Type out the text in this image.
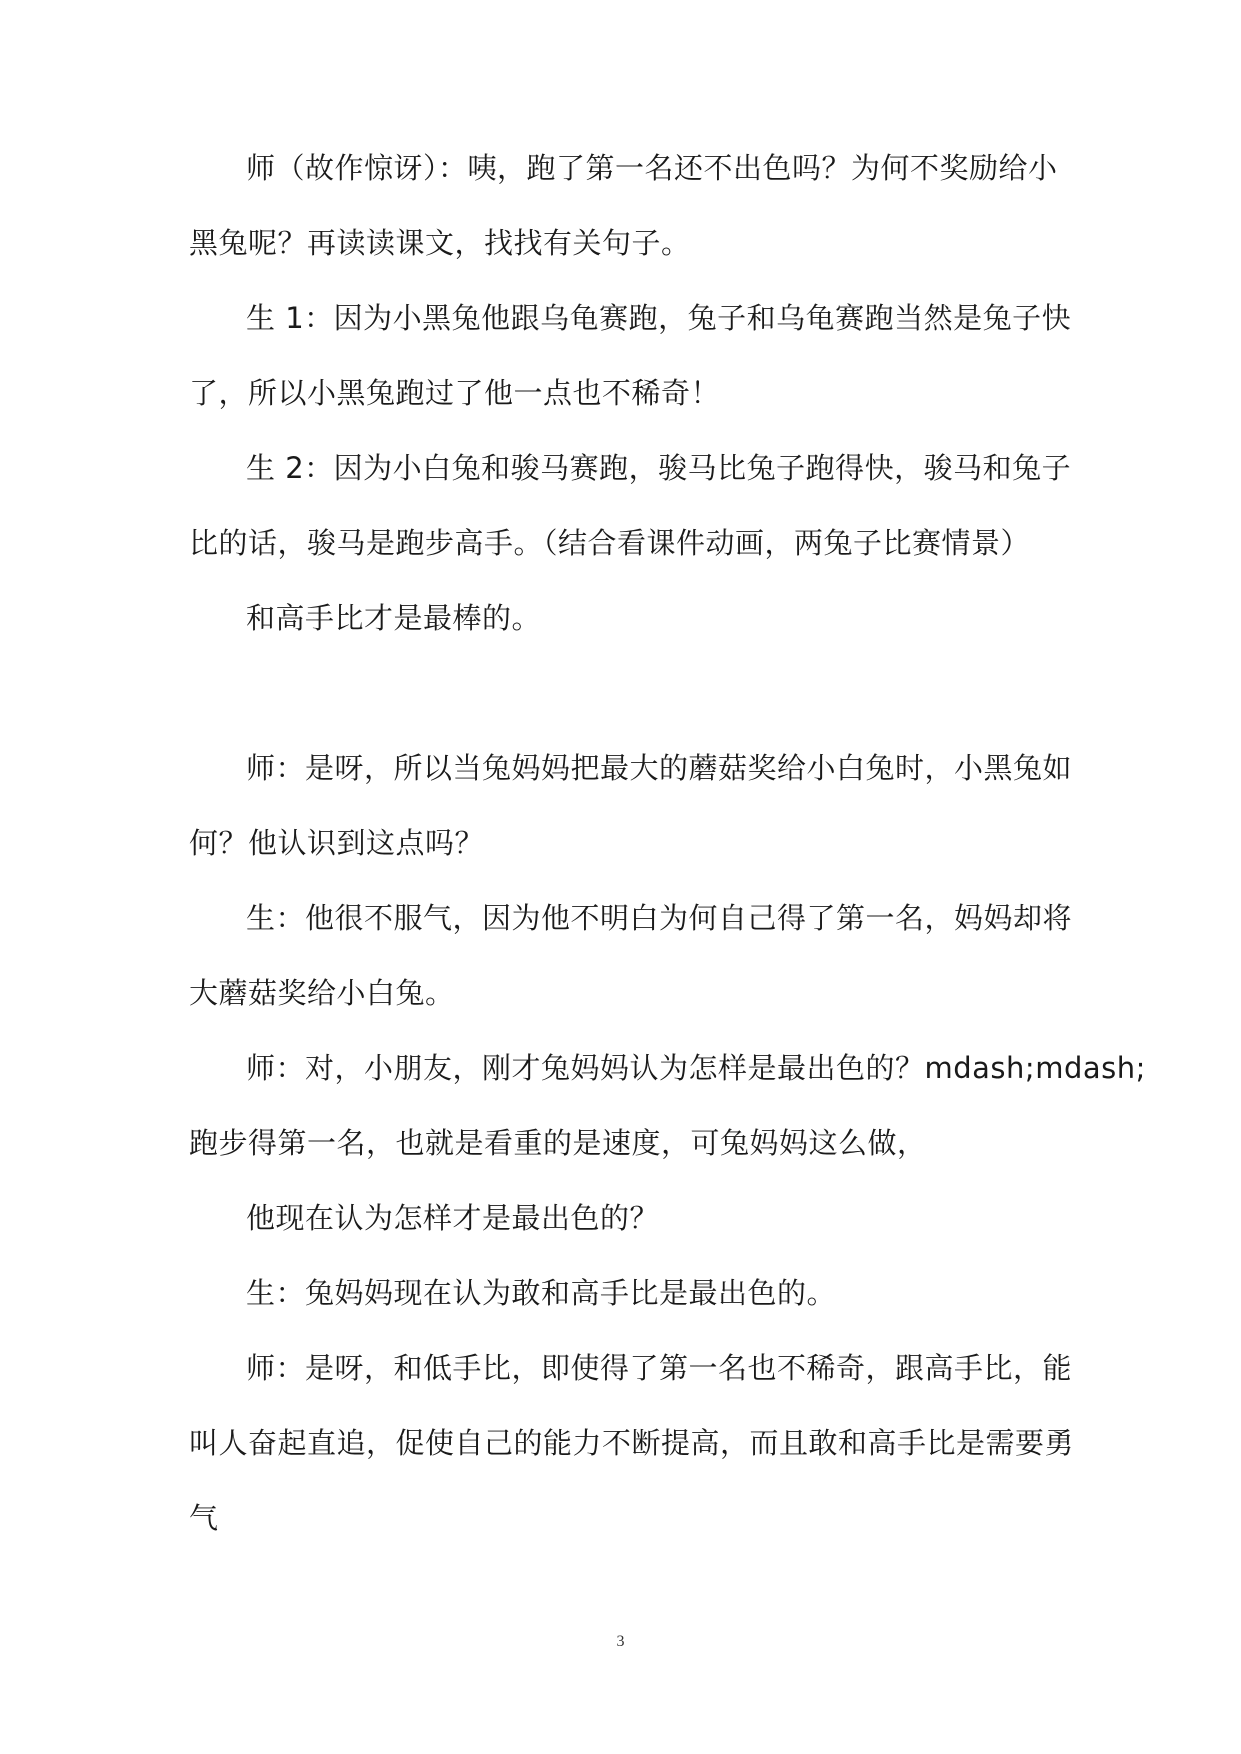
师（故作惊讶）：咦，跑了第一名还不出色吗？为何不奖励给小
黑兔呢？再读读课文，找找有关句子。
生 1：因为小黑兔他跟乌龟赛跑，兔子和乌龟赛跑当然是兔子快
了，所以小黑兔跑过了他一点也不稀奇！
生 2：因为小白兔和骏马赛跑，骏马比兔子跑得快，骏马和兔子
比的话，骏马是跑步高手。（结合看课件动画，两兔子比赛情景）
和高手比才是最棒的。
师：是呀，所以当兔妈妈把最大的蘑菇奖给小白兔时，小黑兔如
何？他认识到这点吗？
生：他很不服气，因为他不明白为何自己得了第一名，妈妈却将
大蘑菇奖给小白兔。
师：对，小朋友，刚才兔妈妈认为怎样是最出色的？mdash;mdash;
跑步得第一名，也就是看重的是速度，可兔妈妈这么做，
他现在认为怎样才是最出色的？
生：兔妈妈现在认为敢和高手比是最出色的。
师：是呀，和低手比，即使得了第一名也不稀奇，跟高手比，能
叫人奋起直追，促使自己的能力不断提高，而且敢和高手比是需要勇
气
3
